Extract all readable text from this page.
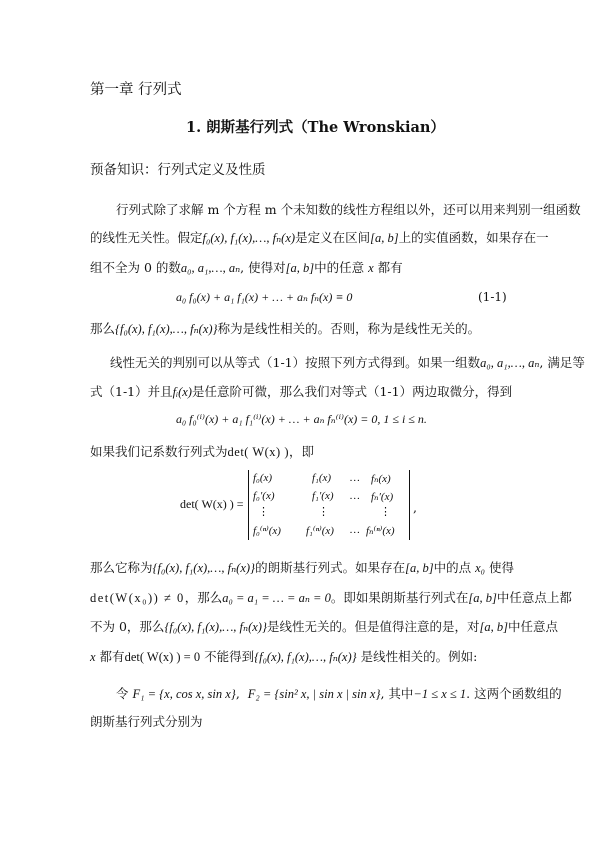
第一章 行列式
1. 朗斯基行列式（The Wronskian）
预备知识：行列式定义及性质
行列式除了求解 m 个方程 m 个未知数的线性方程组以外，还可以用来判别一组函数
的线性无关性。假定f₀(x), f₁(x),…, fₙ(x)是定义在区间[a, b]上的实值函数，如果存在一
组不全为 0 的数a₀, a₁,…, aₙ, 使得对[a, b]中的任意 x 都有
a₀ f₀(x) + a₁ f₁(x) + … + aₙ fₙ(x) ≡ 0	(1-1)
那么{f₀(x), f₁(x),…, fₙ(x)}称为是线性相关的。否则，称为是线性无关的。
线性无关的判别可以从等式（1-1）按照下列方式得到。如果一组数a₀, a₁,…, aₙ, 满足等
式（1-1）并且fᵢ(x)是任意阶可微，那么我们对等式（1-1）两边取微分，得到
a₀ f₀⁽ⁱ⁾(x) + a₁ f₁⁽ⁱ⁾(x) + … + aₙ fₙ⁽ⁱ⁾(x) = 0, 1 ≤ i ≤ n.
如果我们记系数行列式为det( W(x) )，即
det( W(x) ) =
f₀(x)	f₁(x) … fₙ(x)
f₀′(x)	f₁′(x) … fₙ′(x)
⋮	⋮	⋮
f₀⁽ⁿ⁾(x) f₁⁽ⁿ⁾(x) … fₙ⁽ⁿ⁾(x)
,
那么它称为{f₀(x), f₁(x),…, fₙ(x)}的朗斯基行列式。如果存在[a, b]中的点 x₀ 使得
det(W(x₀)) ≠ 0，那么a₀ = a₁ = … = aₙ = 0。即如果朗斯基行列式在[a, b]中任意点上都
不为 0，那么{f₀(x), f₁(x),…, fₙ(x)}是线性无关的。但是值得注意的是，对[a, b]中任意点
x 都有det( W(x) ) = 0 不能得到{f₀(x), f₁(x),…, fₙ(x)} 是线性相关的。例如:
令 F₁ = {x, cos x, sin x}, F₂ = {sin² x, | sin x | sin x}, 其中−1 ≤ x ≤ 1. 这两个函数组的
朗斯基行列式分别为
